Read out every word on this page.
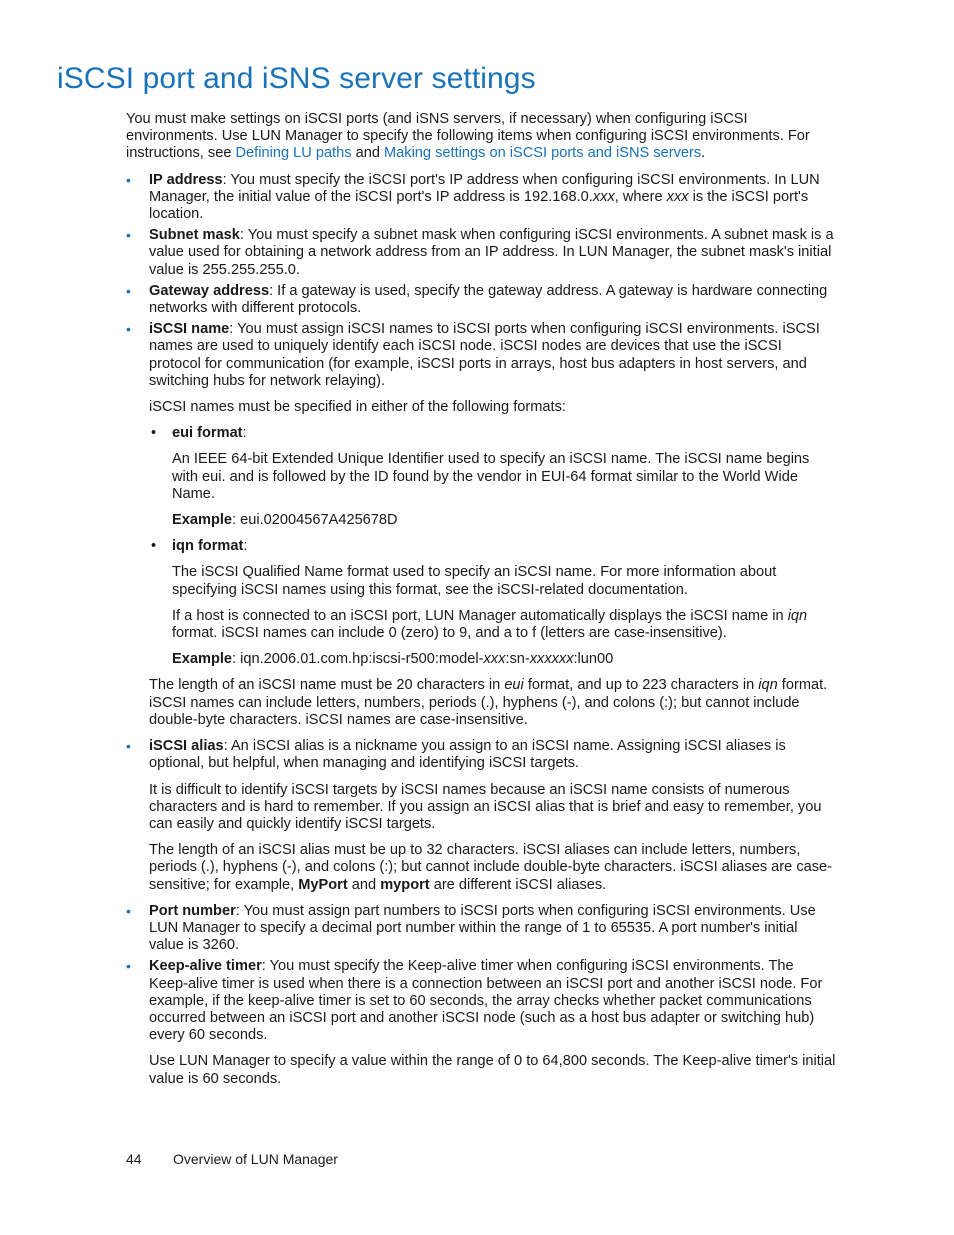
iSCSI port and iSNS server settings

You must make settings on iSCSI ports (and iSNS servers, if necessary) when configuring iSCSI environments. Use LUN Manager to specify the following items when configuring iSCSI environments. For instructions, see Defining LU paths and Making settings on iSCSI ports and iSNS servers.

• IP address: You must specify the iSCSI port's IP address when configuring iSCSI environments. In LUN Manager, the initial value of the iSCSI port's IP address is 192.168.0.xxx, where xxx is the iSCSI port's location.
• Subnet mask: You must specify a subnet mask when configuring iSCSI environments. A subnet mask is a value used for obtaining a network address from an IP address. In LUN Manager, the subnet mask's initial value is 255.255.255.0.
• Gateway address: If a gateway is used, specify the gateway address. A gateway is hardware connecting networks with different protocols.
• iSCSI name: You must assign iSCSI names to iSCSI ports when configuring iSCSI environments. iSCSI names are used to uniquely identify each iSCSI node. iSCSI nodes are devices that use the iSCSI protocol for communication (for example, iSCSI ports in arrays, host bus adapters in host servers, and switching hubs for network relaying).

iSCSI names must be specified in either of the following formats:

• eui format:

An IEEE 64-bit Extended Unique Identifier used to specify an iSCSI name. The iSCSI name begins with eui. and is followed by the ID found by the vendor in EUI-64 format similar to the World Wide Name.

Example: eui.02004567A425678D

• iqn format:

The iSCSI Qualified Name format used to specify an iSCSI name. For more information about specifying iSCSI names using this format, see the iSCSI-related documentation.

If a host is connected to an iSCSI port, LUN Manager automatically displays the iSCSI name in iqn format. iSCSI names can include 0 (zero) to 9, and a to f (letters are case-insensitive).

Example: iqn.2006.01.com.hp:iscsi-r500:model-xxx:sn-xxxxxx:lun00

The length of an iSCSI name must be 20 characters in eui format, and up to 223 characters in iqn format. iSCSI names can include letters, numbers, periods (.), hyphens (-), and colons (:); but cannot include double-byte characters. iSCSI names are case-insensitive.

• iSCSI alias: An iSCSI alias is a nickname you assign to an iSCSI name. Assigning iSCSI aliases is optional, but helpful, when managing and identifying iSCSI targets.

It is difficult to identify iSCSI targets by iSCSI names because an iSCSI name consists of numerous characters and is hard to remember. If you assign an iSCSI alias that is brief and easy to remember, you can easily and quickly identify iSCSI targets.

The length of an iSCSI alias must be up to 32 characters. iSCSI aliases can include letters, numbers, periods (.), hyphens (-), and colons (:); but cannot include double-byte characters. iSCSI aliases are case-sensitive; for example, MyPort and myport are different iSCSI aliases.

• Port number: You must assign part numbers to iSCSI ports when configuring iSCSI environments. Use LUN Manager to specify a decimal port number within the range of 1 to 65535. A port number's initial value is 3260.
• Keep-alive timer: You must specify the Keep-alive timer when configuring iSCSI environments. The Keep-alive timer is used when there is a connection between an iSCSI port and another iSCSI node. For example, if the keep-alive timer is set to 60 seconds, the array checks whether packet communications occurred between an iSCSI port and another iSCSI node (such as a host bus adapter or switching hub) every 60 seconds.

Use LUN Manager to specify a value within the range of 0 to 64,800 seconds. The Keep-alive timer's initial value is 60 seconds.

44 Overview of LUN Manager
